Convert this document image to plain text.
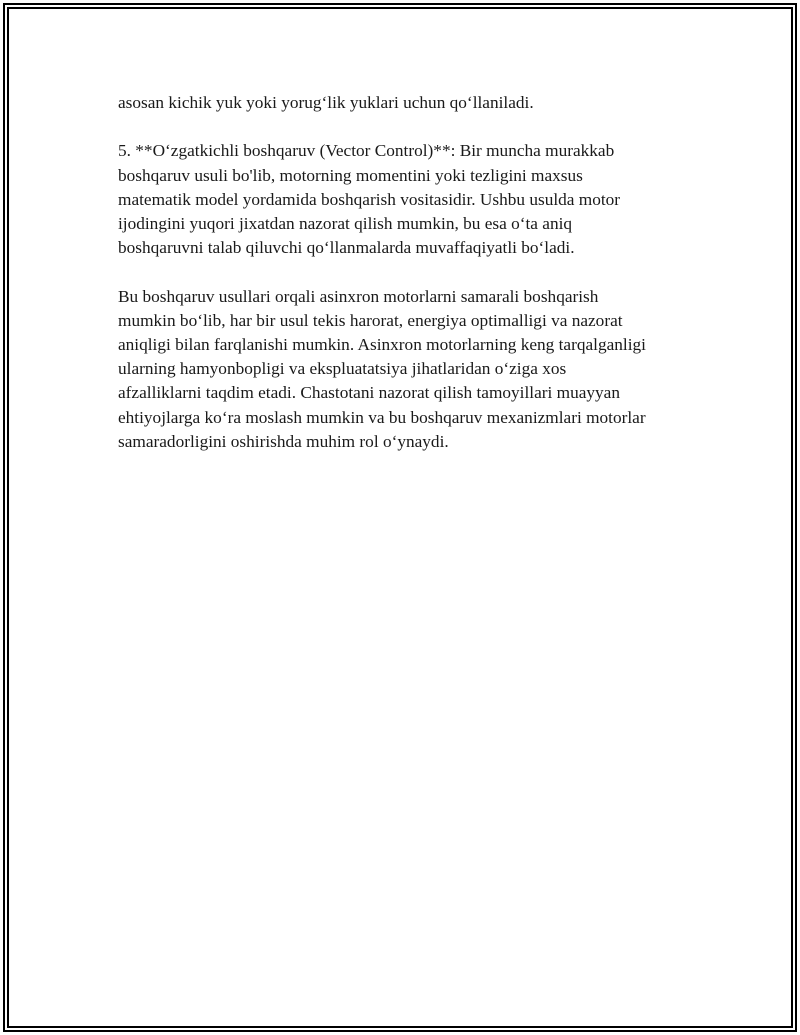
asosan kichik yuk yoki yorug‘lik yuklari uchun qo‘llaniladi.
5. **O‘zgatkichli boshqaruv (Vector Control)**: Bir muncha murakkab
boshqaruv usuli bo'lib, motorning momentini yoki tezligini maxsus
matematik model yordamida boshqarish vositasidir. Ushbu usulda motor
ijodingini yuqori jixatdan nazorat qilish mumkin, bu esa o‘ta aniq
boshqaruvni talab qiluvchi qo‘llanmalarda muvaffaqiyatli bo‘ladi.
Bu boshqaruv usullari orqali asinxron motorlarni samarali boshqarish
mumkin bo‘lib, har bir usul tekis harorat, energiya optimalligi va nazorat
aniqligi bilan farqlanishi mumkin. Asinxron motorlarning keng tarqalganligi
ularning hamyonbopligi va ekspluatatsiya jihatlaridan o‘ziga xos
afzalliklarni taqdim etadi. Chastotani nazorat qilish tamoyillari muayyan
ehtiyojlarga ko‘ra moslash mumkin va bu boshqaruv mexanizmlari motorlar
samaradorligini oshirishda muhim rol o‘ynaydi.
